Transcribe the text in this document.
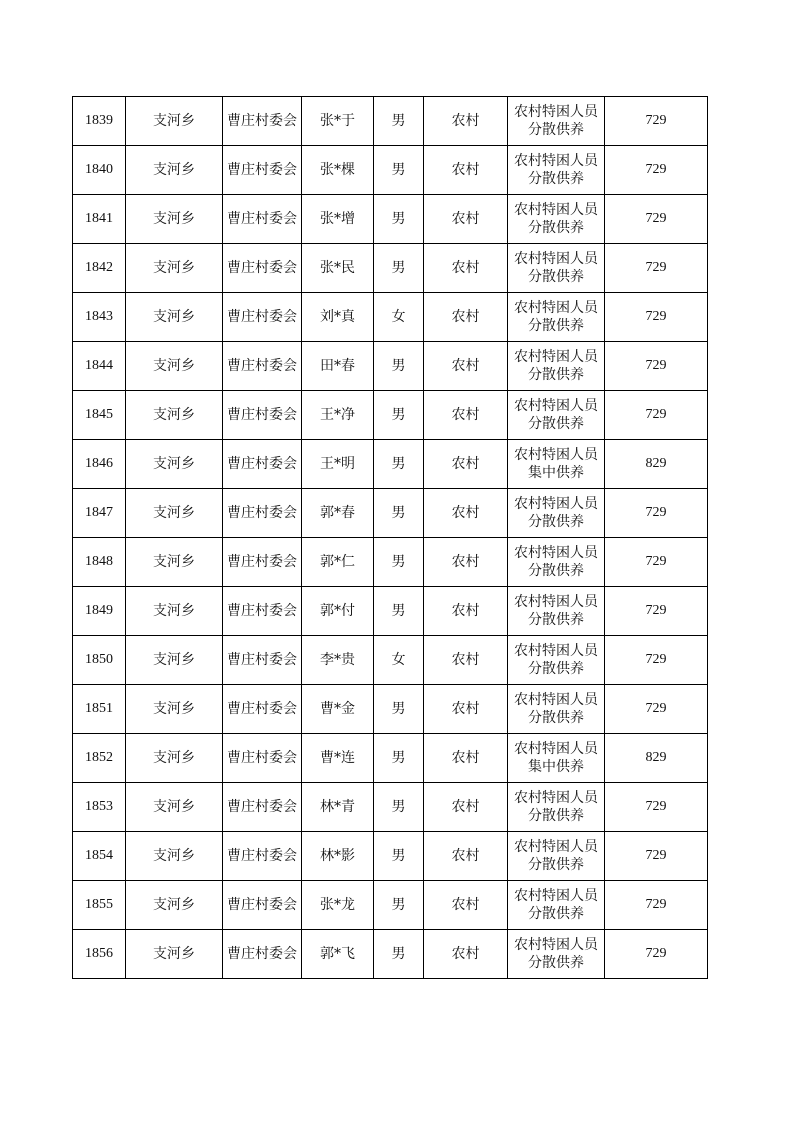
1839	支河乡	曹庄村委会	张*于	男	农村	农村特困人员分散供养	729
1840	支河乡	曹庄村委会	张*棵	男	农村	农村特困人员分散供养	729
1841	支河乡	曹庄村委会	张*增	男	农村	农村特困人员分散供养	729
1842	支河乡	曹庄村委会	张*民	男	农村	农村特困人员分散供养	729
1843	支河乡	曹庄村委会	刘*真	女	农村	农村特困人员分散供养	729
1844	支河乡	曹庄村委会	田*春	男	农村	农村特困人员分散供养	729
1845	支河乡	曹庄村委会	王*净	男	农村	农村特困人员分散供养	729
1846	支河乡	曹庄村委会	王*明	男	农村	农村特困人员集中供养	829
1847	支河乡	曹庄村委会	郭*春	男	农村	农村特困人员分散供养	729
1848	支河乡	曹庄村委会	郭*仁	男	农村	农村特困人员分散供养	729
1849	支河乡	曹庄村委会	郭*付	男	农村	农村特困人员分散供养	729
1850	支河乡	曹庄村委会	李*贵	女	农村	农村特困人员分散供养	729
1851	支河乡	曹庄村委会	曹*金	男	农村	农村特困人员分散供养	729
1852	支河乡	曹庄村委会	曹*连	男	农村	农村特困人员集中供养	829
1853	支河乡	曹庄村委会	林*青	男	农村	农村特困人员分散供养	729
1854	支河乡	曹庄村委会	林*影	男	农村	农村特困人员分散供养	729
1855	支河乡	曹庄村委会	张*龙	男	农村	农村特困人员分散供养	729
1856	支河乡	曹庄村委会	郭*飞	男	农村	农村特困人员分散供养	729
